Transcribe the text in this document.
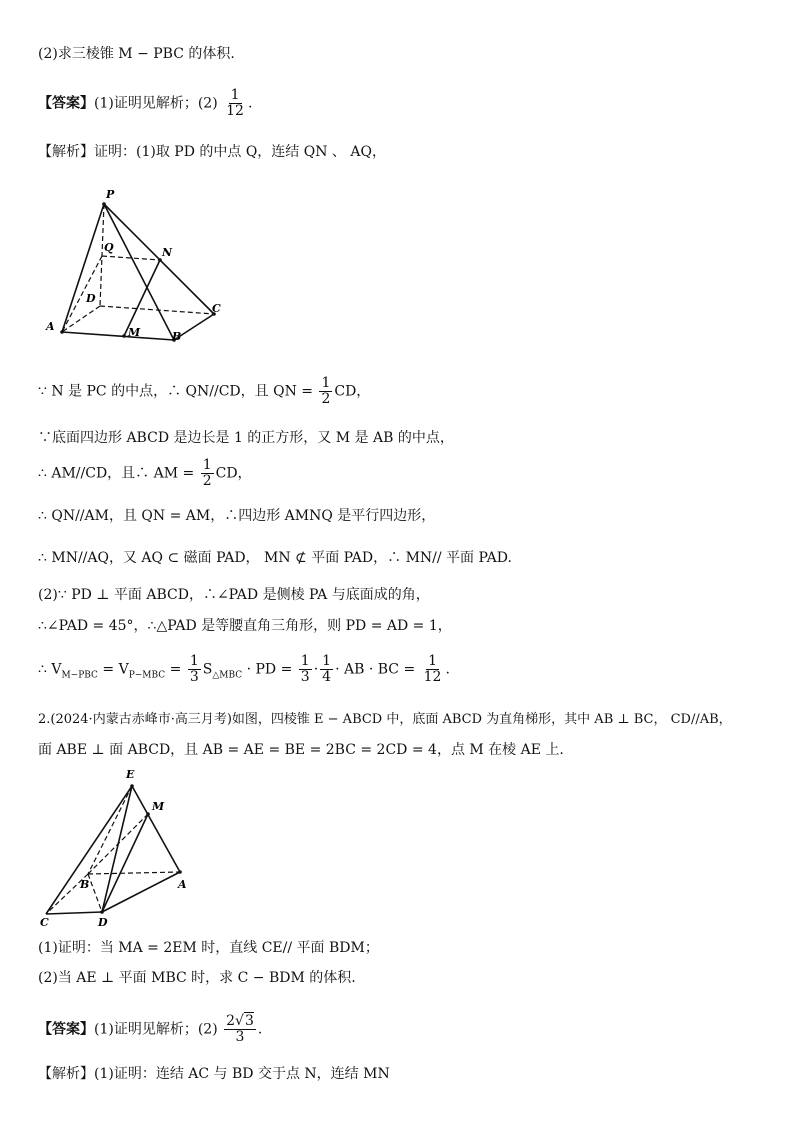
(2)求三棱锥 M − PBC 的体积.
【答案】(1)证明见解析；$(2) \frac{1}{12}$ .
【解析】证明：(1)取 PD 的中点 Q，连结 QN 、 AQ，
P
Q	N
D
C
A	M	B
∵ N 是 PC 的中点，∴ QN//CD，且 QN = $\frac{1}{2}$ CD，
∵底面四边形 ABCD 是边长是 1 的正方形，又 M 是 AB 的中点，
∴ AM//CD，且∴ AM = $\frac{1}{2}$ CD，
∴ QN//AM，且 QN = AM，∴四边形 AMNQ 是平行四边形，
∴ MN//AQ，又 AQ ⊂ 磁面 PAD， MN ⊄ 平面 PAD，∴ MN// 平面 PAD.
(2)∵ PD ⊥ 平面 ABCD，∴∠PAD 是侧棱 PA 与底面成的角，
∴∠PAD = 45°，∴△PAD 是等腰直角三角形，则 PD = AD = 1，
∴ $V_{M-PBC} = V_{P-MBC} = \frac{1}{3} S_{\triangle MBC}$ · PD = $\frac{1}{3} \cdot \frac{1}{4}$ · AB · BC = $\frac{1}{12}$ .
2.(2024·内蒙古赤峰市·高三月考)如图，四棱锥 E − ABCD 中，底面 ABCD 为直角梯形，其中 AB ⊥ BC， CD//AB，
面 ABE ⊥ 面 ABCD，且 AB = AE = BE = 2BC = 2CD = 4，点 M 在棱 AE 上.
E
M
B	A
C	D
(1)证明：当 MA = 2EM 时，直线 CE// 平面 BDM；
(2)当 AE ⊥ 平面 MBC 时，求 C − BDM 的体积.
【答案】(1)证明见解析；$(2) \frac{2√3}{3}$ .
【解析】(1)证明：连结 AC 与 BD 交于点 N，连结 MN
